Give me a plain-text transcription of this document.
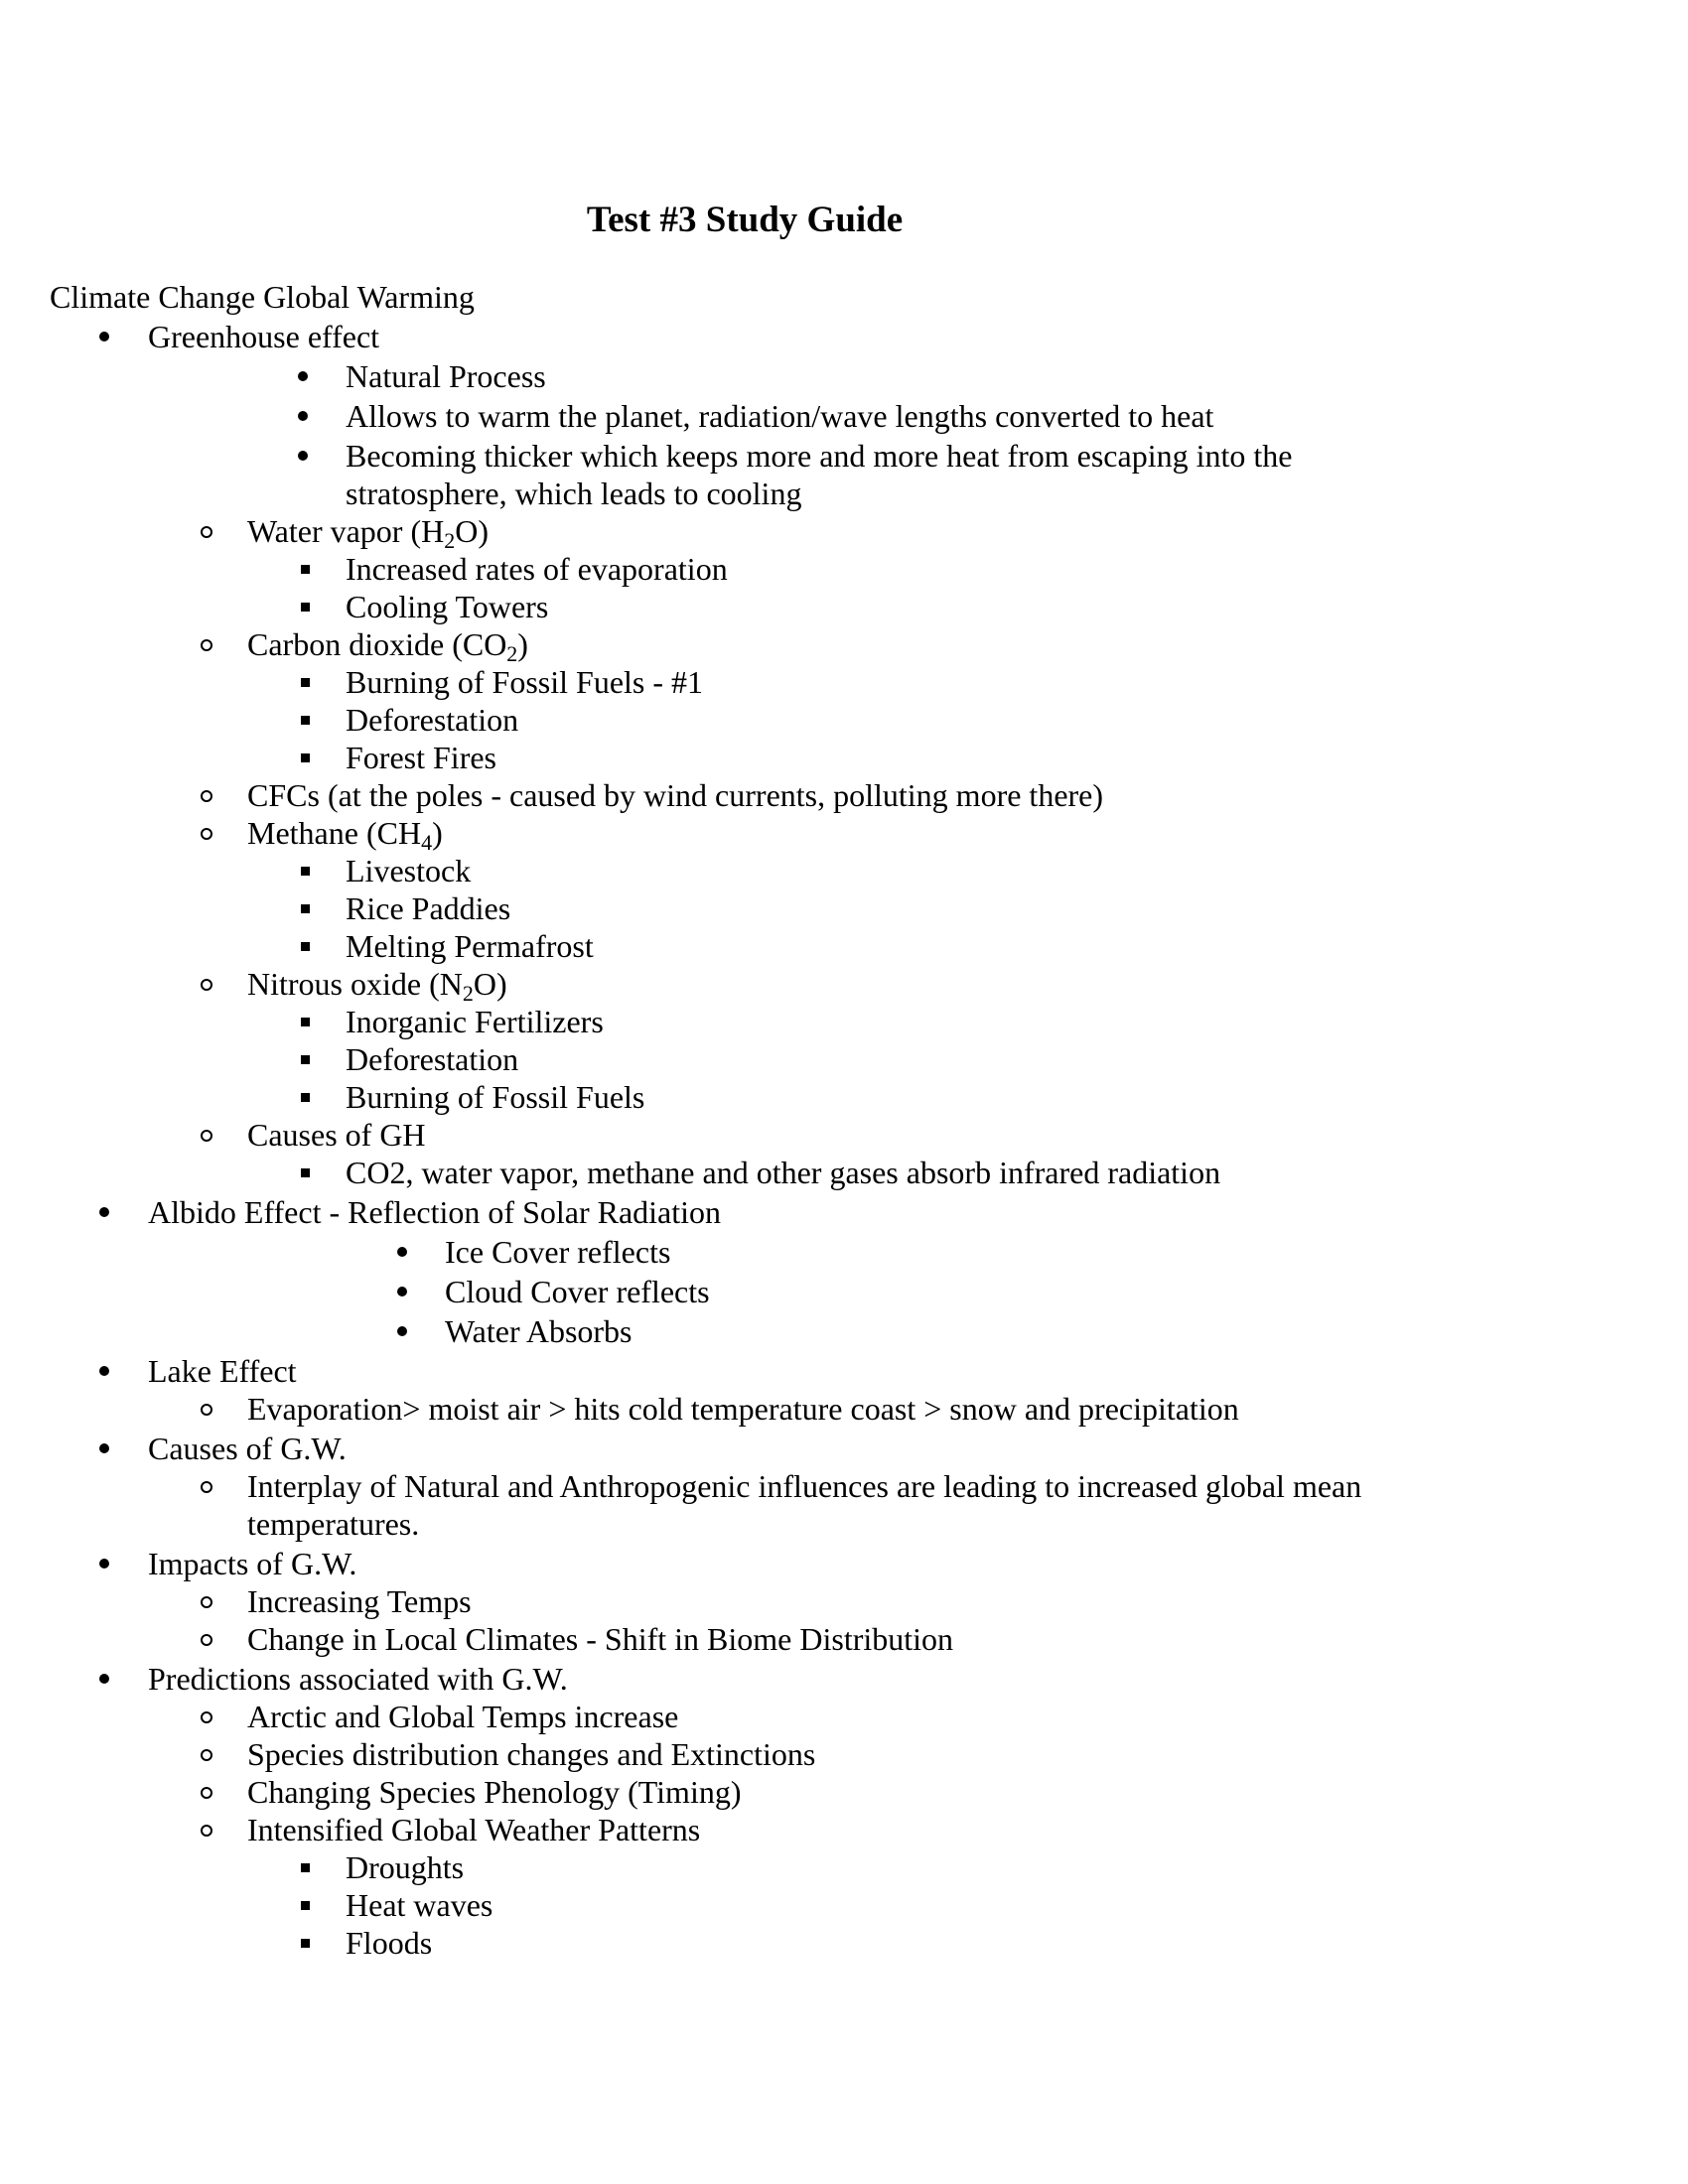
Test #3 Study Guide
Climate Change Global Warming
Greenhouse effect
Natural Process
Allows to warm the planet, radiation/wave lengths converted to heat
Becoming thicker which keeps more and more heat from escaping into the
stratosphere, which leads to cooling
Water vapor $(H_2O)$
Increased rates of evaporation
Cooling Towers
Carbon dioxide $(CO_2)$
Burning of Fossil Fuels - #1
Deforestation
Forest Fires
CFCs (at the poles - caused by wind currents, polluting more there)
Methane $(CH_4)$
Livestock
Rice Paddies
Melting Permafrost
Nitrous oxide $(N_2O)$
Inorganic Fertilizers
Deforestation
Burning of Fossil Fuels
Causes of GH
CO2, water vapor, methane and other gases absorb infrared radiation
Albido Effect - Reflection of Solar Radiation
Ice Cover reflects
Cloud Cover reflects
Water Absorbs
Lake Effect
Evaporation> moist air > hits cold temperature coast > snow and precipitation
Causes of G.W.
Interplay of Natural and Anthropogenic influences are leading to increased global mean
temperatures.
Impacts of G.W.
Increasing Temps
Change in Local Climates - Shift in Biome Distribution
Predictions associated with G.W.
Arctic and Global Temps increase
Species distribution changes and Extinctions
Changing Species Phenology (Timing)
Intensified Global Weather Patterns
Droughts
Heat waves
Floods
